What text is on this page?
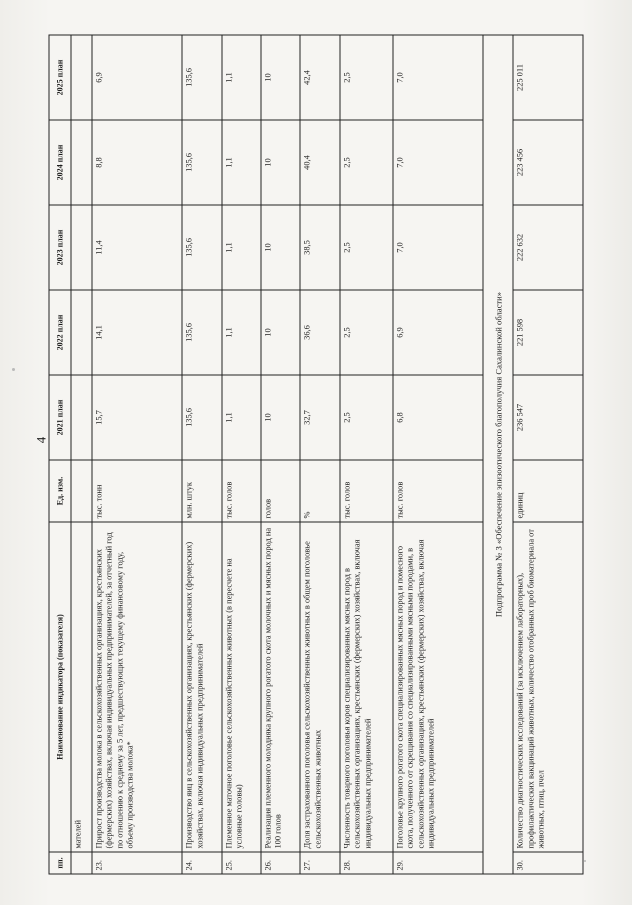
4
пп.	Наименование индикатора (показателя)	Ед. изм.	2021 план	2022 план	2023 план	2024 план	2025 план
	мателей						
23.	Прирост производства молока в сельскохозяйственных организациях, крестьянских (фермерских) хозяйствах, включая индивидуальных предпринимателей, за отчетный год по отношению к среднему за 5 лет, предшествующих текущему финансовому году, объему производства молока*	тыс. тонн	15,7	14,1	11,4	8,8	6,9
24.	Производство яиц в сельскохозяйственных организациях, крестьянских (фермерских) хозяйствах, включая индивидуальных предпринимателей	млн. штук	135,6	135,6	135,6	135,6	135,6
25.	Племенное маточное поголовье сельскохозяйственных животных (в пересчете на условные головы)	тыс. голов	1,1	1,1	1,1	1,1	1,1
26.	Реализация племенного молодняка крупного рогатого скота молочных и мясных пород на 100 голов	голов	10	10	10	10	10
27.	Доля застрахованного поголовья сельскохозяйственных животных в общем поголовье сельскохозяйственных животных	%	32,7	36,6	38,5	40,4	42,4
28.	Численность товарного поголовья коров специализированных мясных пород в сельскохозяйственных организациях, крестьянских (фермерских) хозяйствах, включая индивидуальных предпринимателей	тыс. голов	2,5	2,5	2,5	2,5	2,5
29.	Поголовье крупного рогатого скота специализированных мясных пород и помесного скота, полученного от скрещивания со специализированными мясными породами, в сельскохозяйственных организациях, крестьянских (фермерских) хозяйствах, включая индивидуальных предпринимателей	тыс. голов	6,8	6,9	7,0	7,0	7,0
Подпрограмма № 3 «Обеспечение эпизоотического благополучия Сахалинской области»							
30.	Количество диагностических исследований (за исключением лабораторных), профилактических вакцинаций животных, количество отобранных проб биоматериала от животных, птиц, пчел	единиц	236 547	221 598	222 632	223 456	225 011
